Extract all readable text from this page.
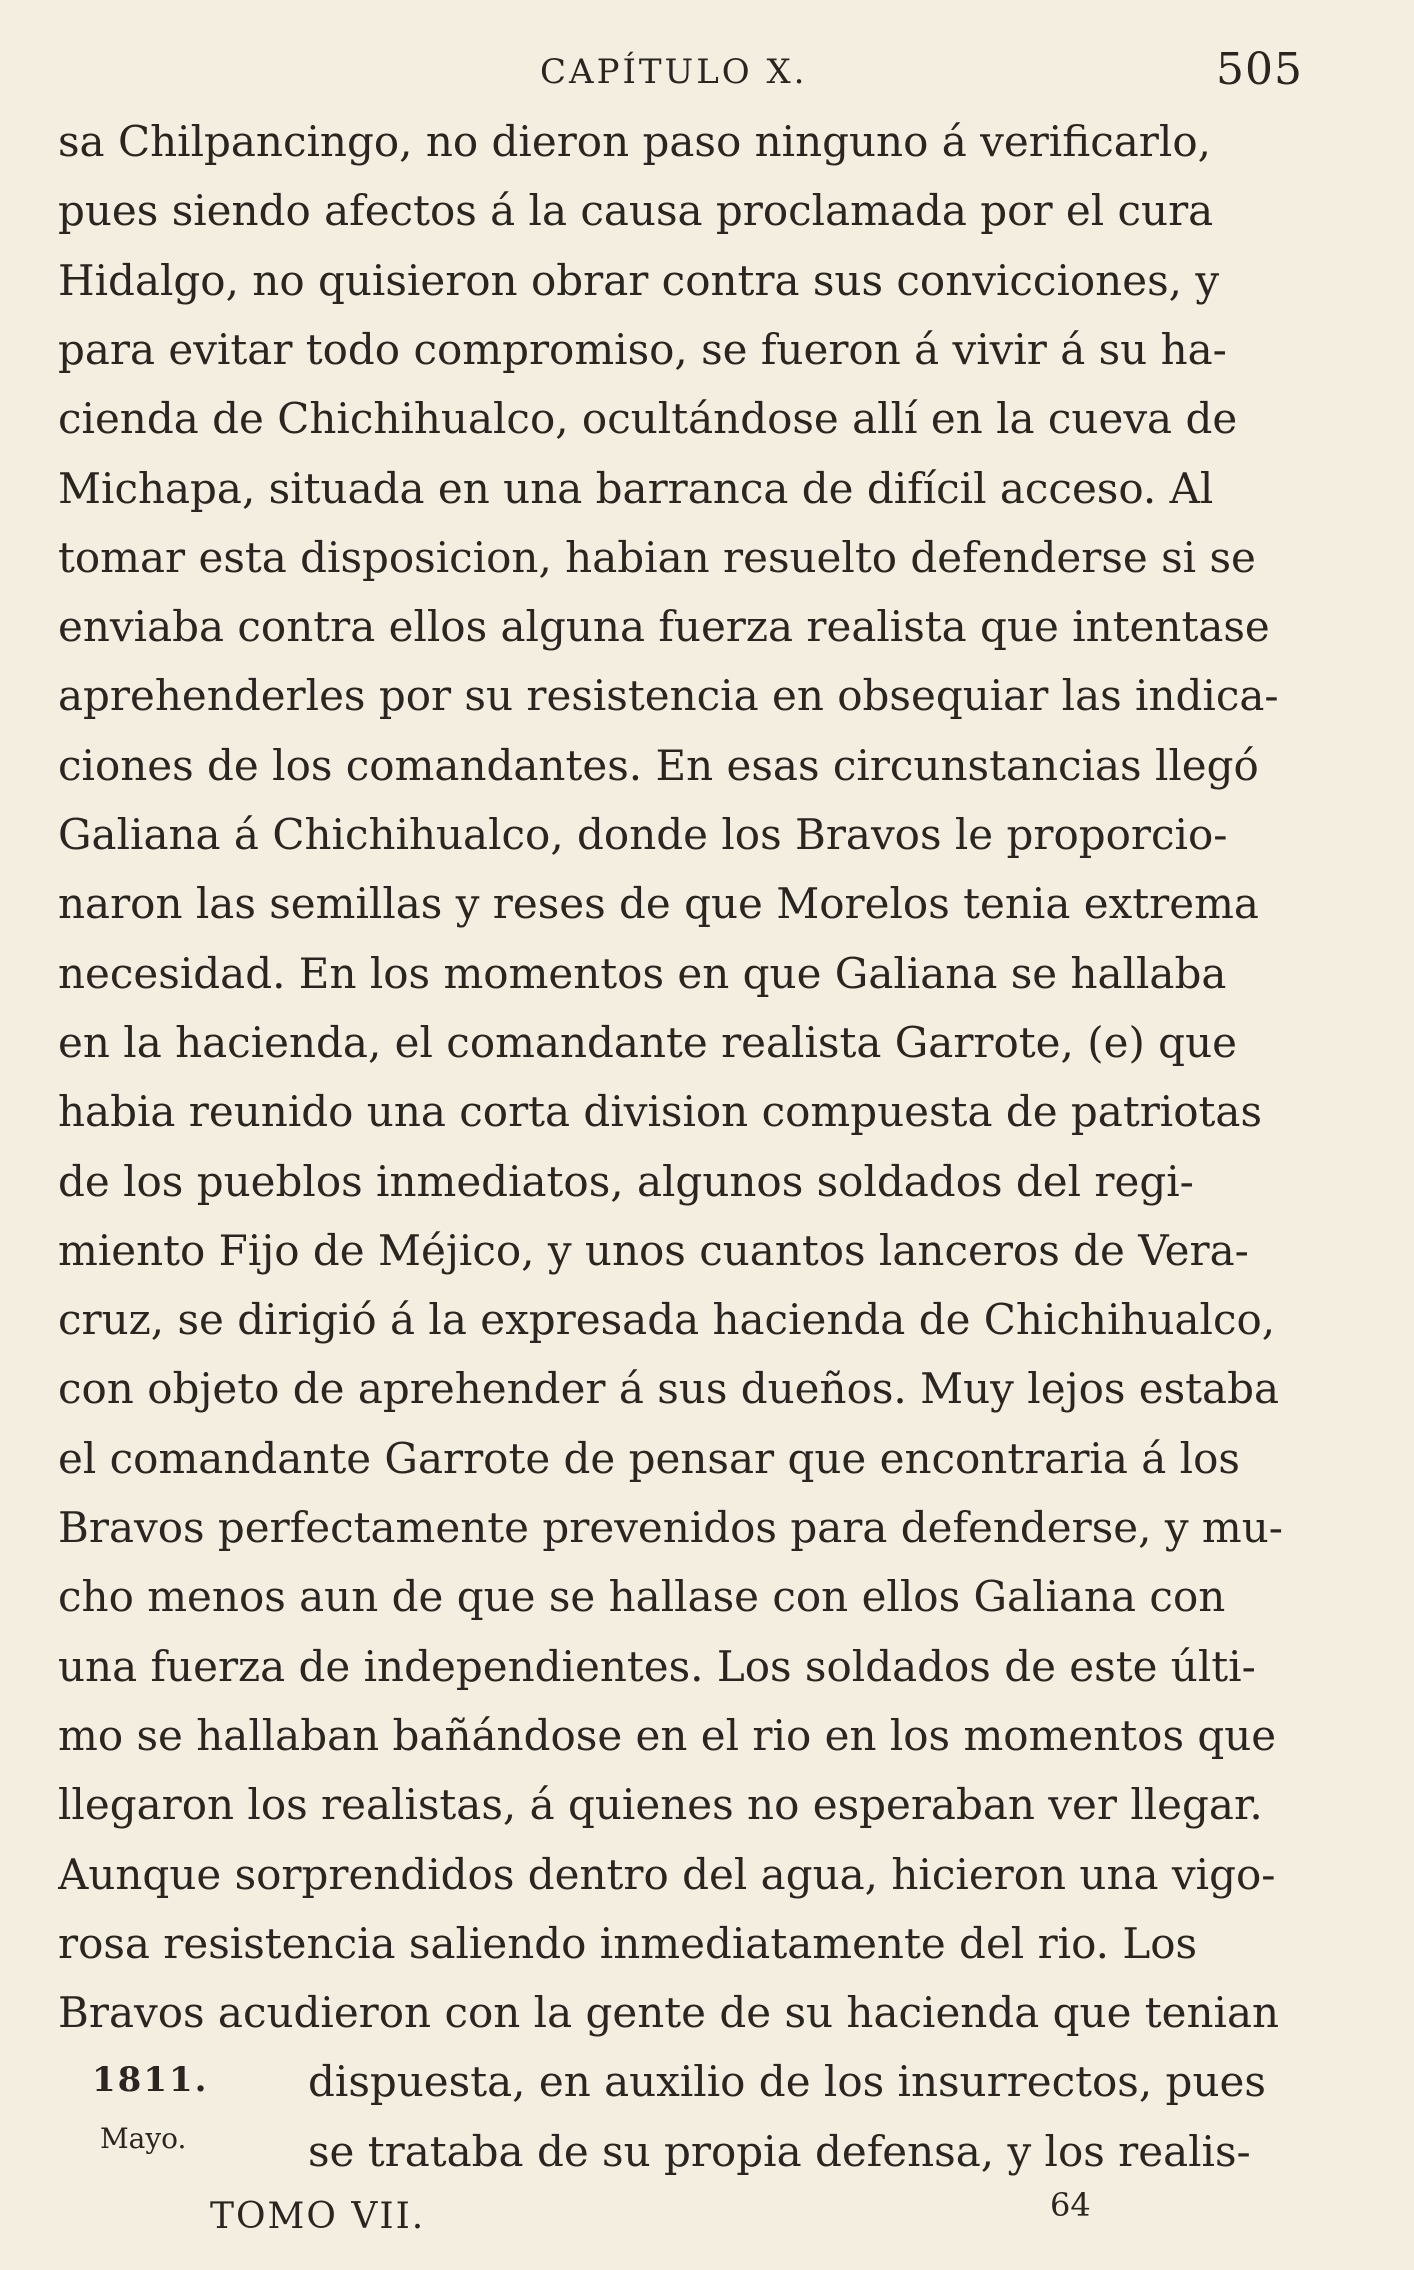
CAPÍTULO X.	505
sa Chilpancingo, no dieron paso ninguno á verificarlo,
pues siendo afectos á la causa proclamada por el cura
Hidalgo, no quisieron obrar contra sus convicciones, y
para evitar todo compromiso, se fueron á vivir á su ha-
cienda de Chichihualco, ocultándose allí en la cueva de
Michapa, situada en una barranca de difícil acceso. Al
tomar esta disposicion, habian resuelto defenderse si se
enviaba contra ellos alguna fuerza realista que intentase
aprehenderles por su resistencia en obsequiar las indica-
ciones de los comandantes. En esas circunstancias llegó
Galiana á Chichihualco, donde los Bravos le proporcio-
naron las semillas y reses de que Morelos tenia extrema
necesidad. En los momentos en que Galiana se hallaba
en la hacienda, el comandante realista Garrote, (e) que
habia reunido una corta division compuesta de patriotas
de los pueblos inmediatos, algunos soldados del regi-
miento Fijo de Méjico, y unos cuantos lanceros de Vera-
cruz, se dirigió á la expresada hacienda de Chichihualco,
con objeto de aprehender á sus dueños. Muy lejos estaba
el comandante Garrote de pensar que encontraria á los
Bravos perfectamente prevenidos para defenderse, y mu-
cho menos aun de que se hallase con ellos Galiana con
una fuerza de independientes. Los soldados de este últi-
mo se hallaban bañándose en el rio en los momentos que
llegaron los realistas, á quienes no esperaban ver llegar.
Aunque sorprendidos dentro del agua, hicieron una vigo-
rosa resistencia saliendo inmediatamente del rio. Los
Bravos acudieron con la gente de su hacienda que tenian
dispuesta, en auxilio de los insurrectos, pues
se trataba de su propia defensa, y los realis-
1811.
Mayo.
TOMO VII.	64
